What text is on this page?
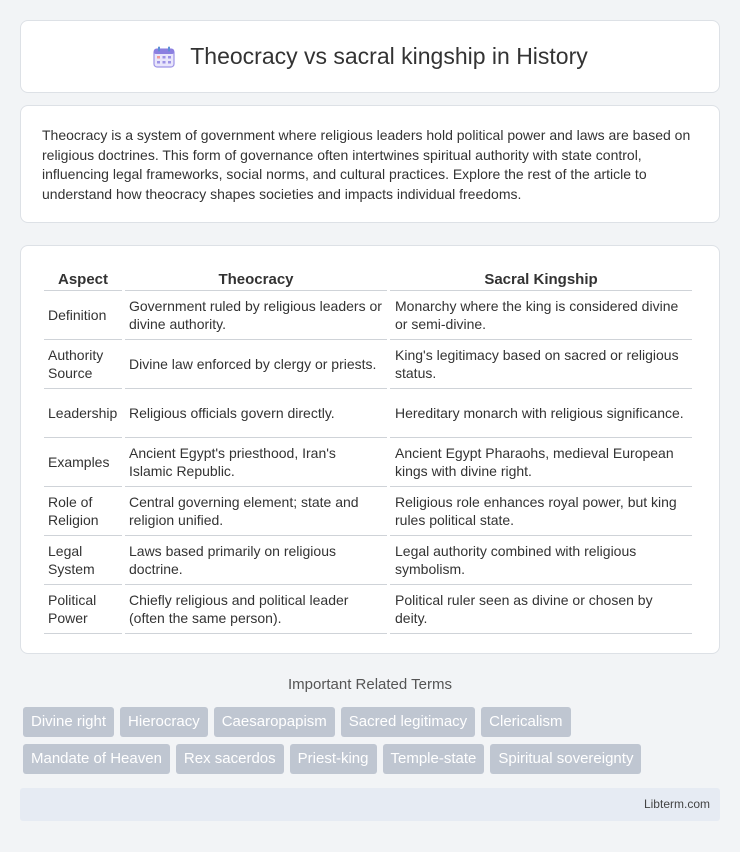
Theocracy vs sacral kingship in History

Theocracy is a system of government where religious leaders hold political power and laws are based on religious doctrines. This form of governance often intertwines spiritual authority with state control, influencing legal frameworks, social norms, and cultural practices. Explore the rest of the article to understand how theocracy shapes societies and impacts individual freedoms.

Aspect	Theocracy	Sacral Kingship
Definition	Government ruled by religious leaders or divine authority.	Monarchy where the king is considered divine or semi-divine.
Authority Source	Divine law enforced by clergy or priests.	King's legitimacy based on sacred or religious status.
Leadership	Religious officials govern directly.	Hereditary monarch with religious significance.
Examples	Ancient Egypt's priesthood, Iran's Islamic Republic.	Ancient Egypt Pharaohs, medieval European kings with divine right.
Role of Religion	Central governing element; state and religion unified.	Religious role enhances royal power, but king rules political state.
Legal System	Laws based primarily on religious doctrine.	Legal authority combined with religious symbolism.
Political Power	Chiefly religious and political leader (often the same person).	Political ruler seen as divine or chosen by deity.
Important Related Terms
Divine right	Hierocracy	Caesaropapism	Sacred legitimacy	Clericalism
Mandate of Heaven	Rex sacerdos	Priest-king	Temple-state	Spiritual sovereignty
Libterm.com
